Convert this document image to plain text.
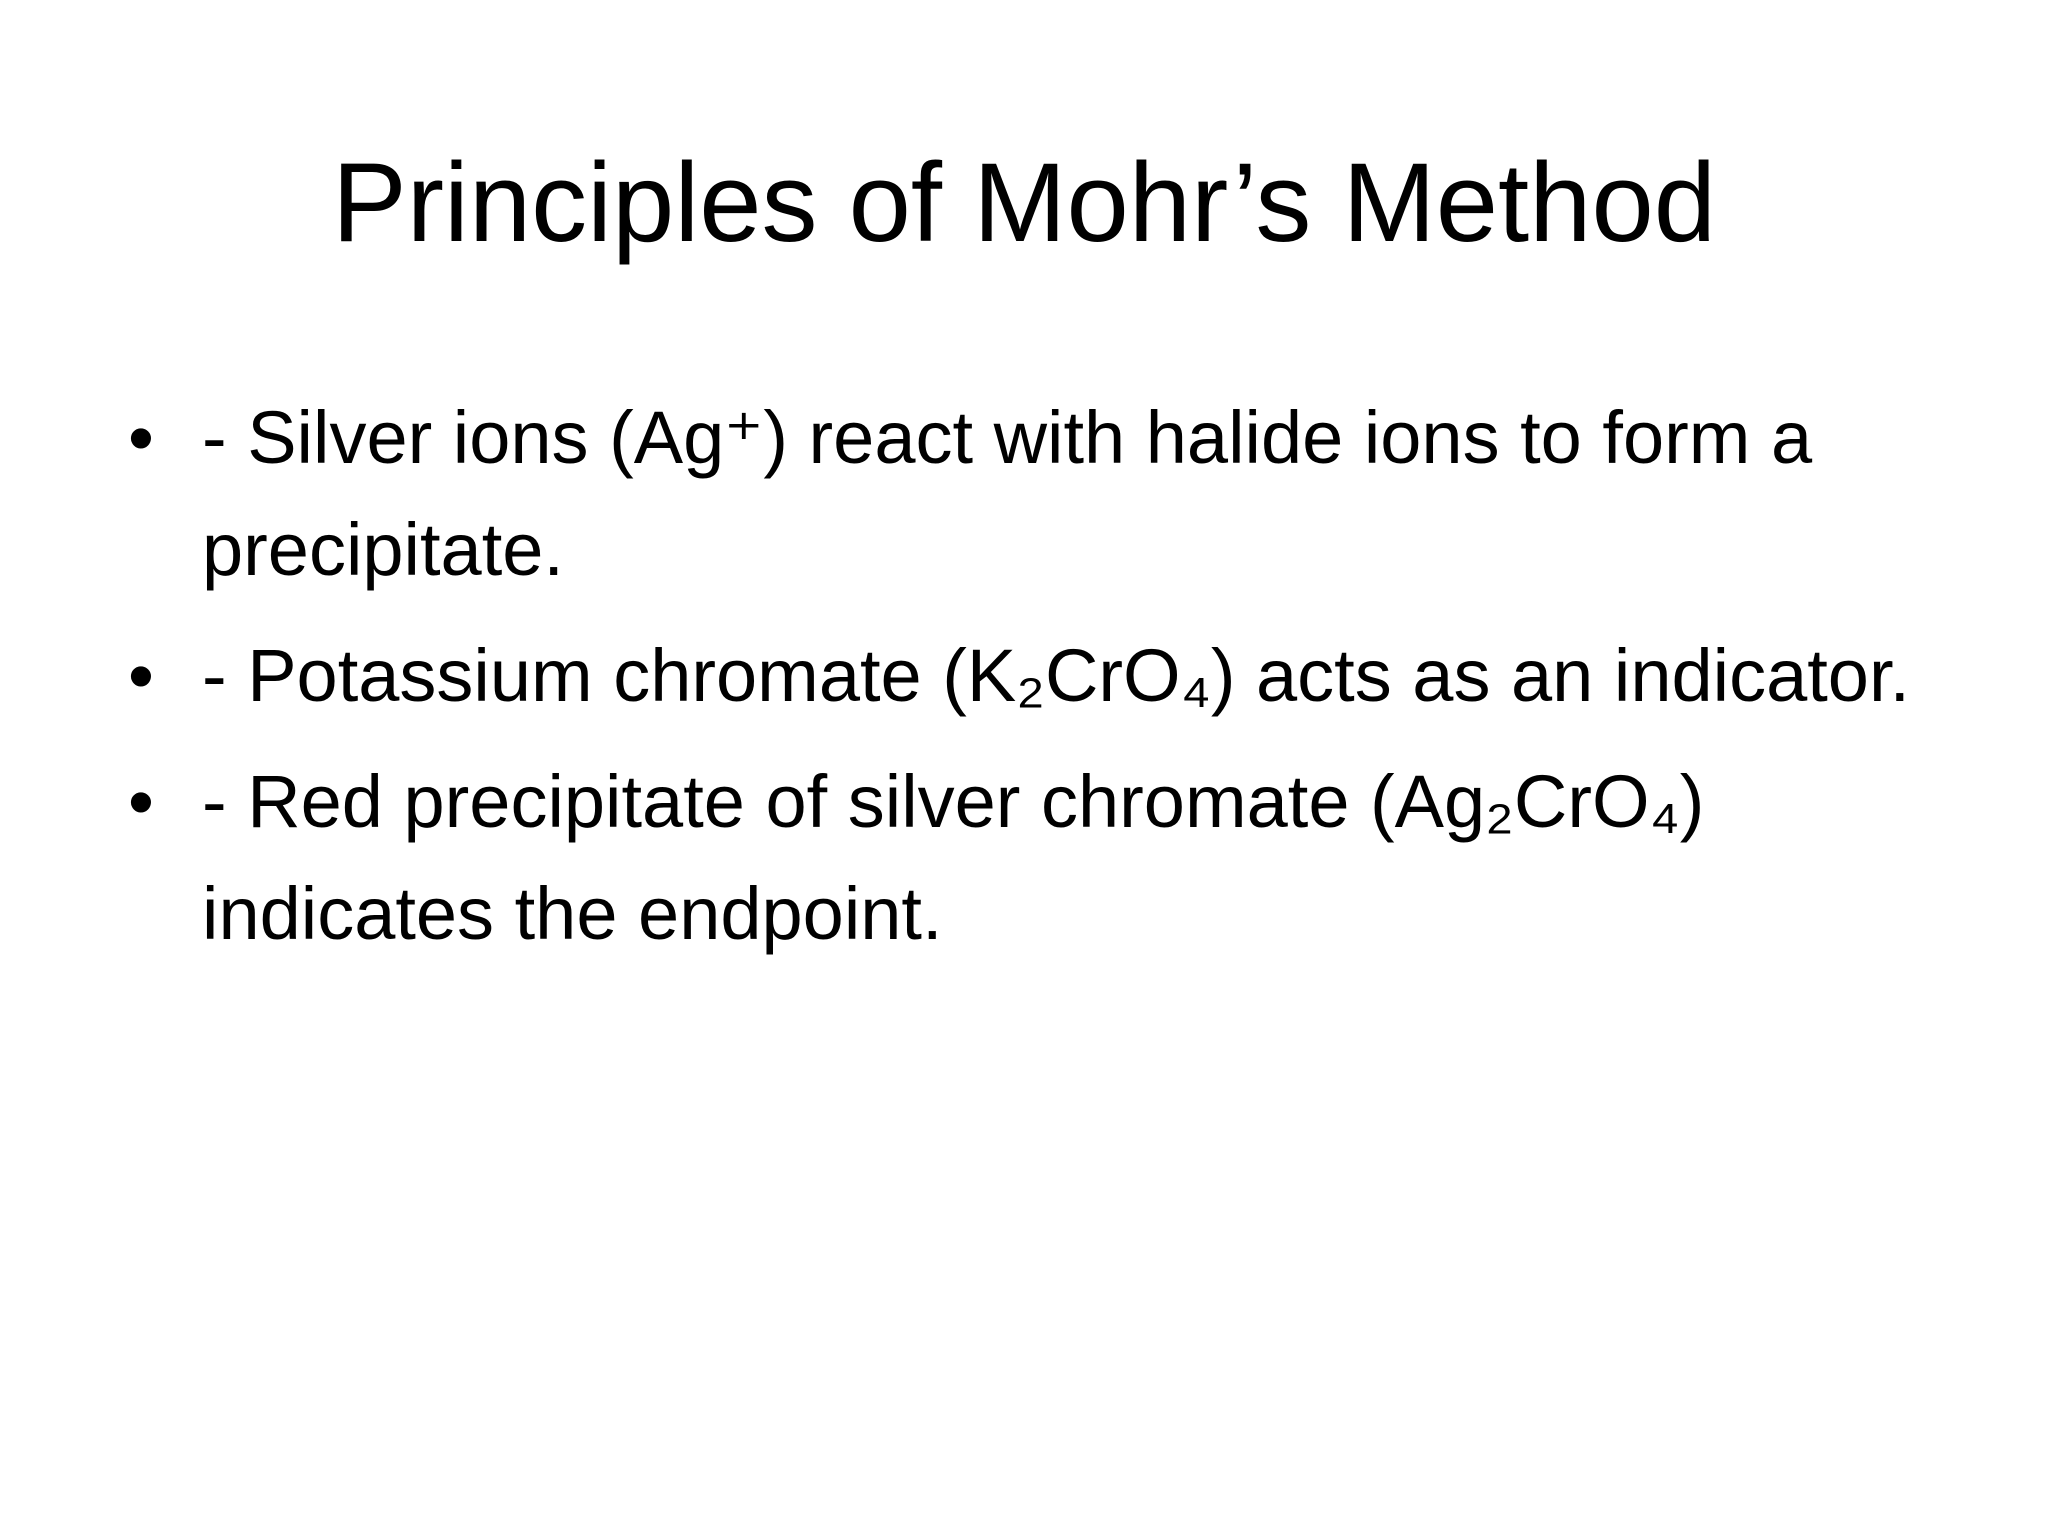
Principles of Mohr’s Method
• - Silver ions (Ag⁺) react with halide ions to form a precipitate.
• - Potassium chromate (K₂CrO₄) acts as an indicator.
• - Red precipitate of silver chromate (Ag₂CrO₄) indicates the endpoint.
